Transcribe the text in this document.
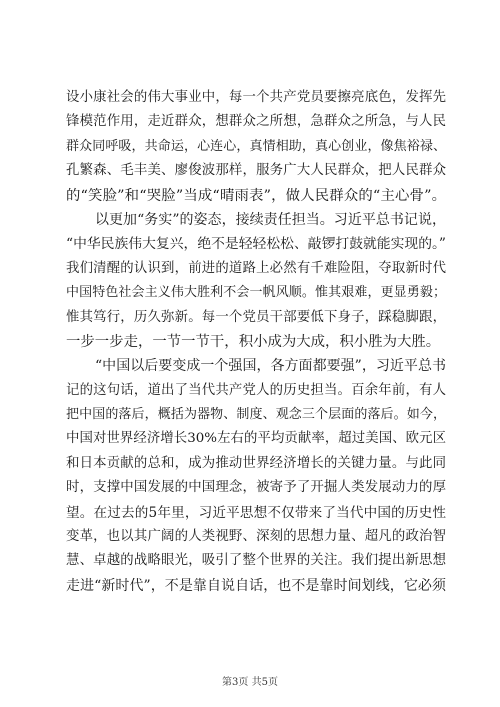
设小康社会的伟大事业中，每一个共产党员要擦亮底色，发挥先
锋模范作用，走近群众，想群众之所想，急群众之所急，与人民
群众同呼吸，共命运，心连心，真情相助，真心创业，像焦裕禄、
孔繁森、毛丰美、廖俊波那样，服务广大人民群众，把人民群众
的“笑脸”和“哭脸”当成“晴雨表”，做人民群众的“主心骨”。
以更加“务实”的姿态，接续责任担当。习近平总书记说，
“中华民族伟大复兴，绝不是轻轻松松、敲锣打鼓就能实现的。”
我们清醒的认识到，前进的道路上必然有千难险阻，夺取新时代
中国特色社会主义伟大胜利不会一帆风顺。惟其艰难，更显勇毅；
惟其笃行，历久弥新。每一个党员干部要低下身子，踩稳脚跟，
一步一步走，一节一节干，积小成为大成，积小胜为大胜。
“中国以后要变成一个强国，各方面都要强”，习近平总书
记的这句话，道出了当代共产党人的历史担当。百余年前，有人
把中国的落后，概括为器物、制度、观念三个层面的落后。如今，
中国对世界经济增长30%左右的平均贡献率，超过美国、欧元区
和日本贡献的总和，成为推动世界经济增长的关键力量。与此同
时，支撑中国发展的中国理念，被寄予了开掘人类发展动力的厚
望。在过去的5年里，习近平思想不仅带来了当代中国的历史性
变革，也以其广阔的人类视野、深刻的思想力量、超凡的政治智
慧、卓越的战略眼光，吸引了整个世界的关注。我们提出新思想
走进“新时代”，不是靠自说自话，也不是靠时间划线，它必须
第3页 共5页
